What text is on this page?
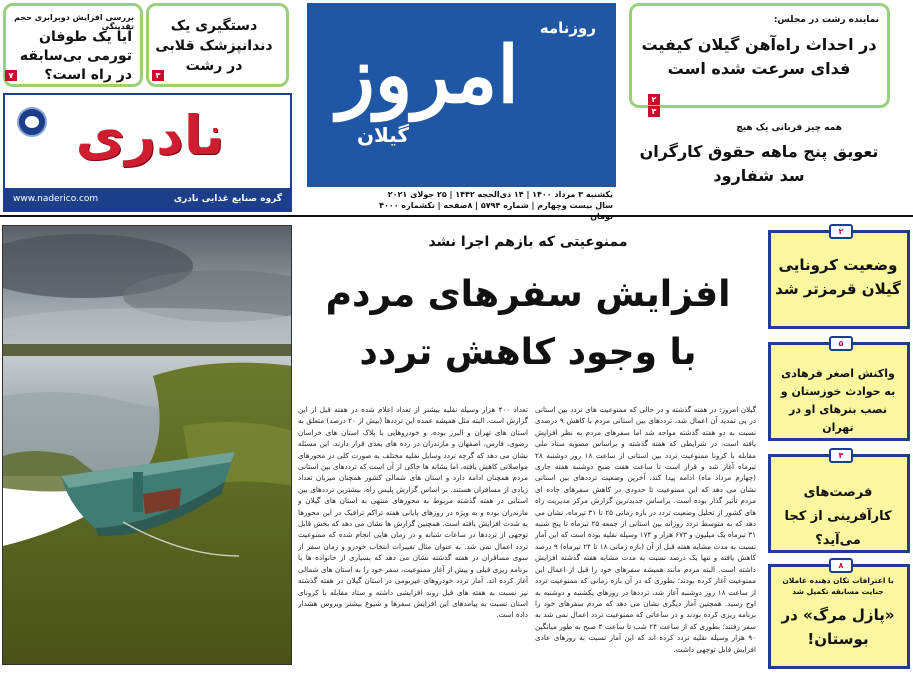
بررسی افزایش دوبرابری حجم تقدینگی
آیا یک طوفان تورمی بی‌سابقه در راه است؟
۷
دستگیری یک دندانپزشک قلابی در رشت
۳
نادری
گروه صنایع غذایی نادری
www.naderico.com
روزنامه
امروز
گیلان
یکشنبه ۳ مرداد ۱۴۰۰ | ۱۴ ذی‌الحجه ۱۴۴۲ | ۲۵ جولای ۲۰۲۱
سال بیست وچهارم | شماره ۵۷۹۴ | ۸صفحه | تکشماره ۴۰۰۰
نماینده رشت در مجلس:
در احداث راه‌آهن گیلان کیفیت فدای سرعت شده است
۲
۳
همه چیز قربانی یک هیچ
تعویق پنج ماهه حقوق کارگران سد شفارود
ممنوعیتی که بازهم اجرا نشد
افزایش سفرهای مردم
با وجود کاهش تردد
گیلان امروز: در هفته گذشته و در حالی که ممنوعیت های تردد بین استانی در پی تمدید آن اعمال شد، ترددهای بین استانی مردم با کاهش ۹ درصدی نسبت به دو هفته گذشته مواجه شد اما سفرهای مردم به نظر افزایش یافته است. در شرایطی که هفته گذشته و براساس مصوبه ستاد ملی مقابله با کرونا ممنوعیت تردد بین استانی از ساعت ۱۸ روز دوشنبه ۲۸ تیرماه آغاز شد و قرار است تا ساعت هفت صبح دوشنبه هفته جاری (چهارم مرداد ماه) ادامه پیدا کند، آخرین وضعیت ترددهای بین استانی نشان می دهد که این ممنوعیت تا حدودی در کاهش سفرهای جاده ای مردم تأثیر گذار بوده است. براساس جدیدترین گزارش مرکز مدیریت راه های کشور از تحلیل وضعیت تردد در بازه زمانی ۲۵ تا ۳۱ تیرماه، نشان می دهد که به متوسط تردد روزانه بین استانی از جمعه ۲۵ تیرماه تا پنج شنبه ۳۱ تیرماه یک میلیون و ۶۷۳ هزار و ۱۷۴ وسیله نقلیه بوده است که این آمار نسبت به مدت مشابه هفته قبل از آن (بازه زمانی ۱۸ تا ۲۴ تیرماه) ۹ درصد کاهش یافته و تنها یک درصد نسبت به مدت مشابه هفته گذشته افزایش داشته است. البته مردم مانند همیشه سفرهای خود را قبل از اعمال این ممنوعیت آغاز کرده بودند؛ بطوری که در آن بازه زمانی که ممنوعیت تردد از ساعت ۱۸ روز دوشنبه آغاز شد، ترددها در روزهای یکشنبه و دوشنبه به اوج رسید. همچنین آمار دیگری نشان می دهد که مردم سفرهای خود را برنامه ریزی کرده بودند و در ساعاتی که ممنوعیت تردد اعمال نمی شد به سفر رفتند؛ بطوری که از ساعت ۲۴ شب تا ساعت ۴ صبح به طور میانگین ۹۰ هزار وسیله نقلیه تردد کرده اند که این آمار نسبت به روزهای عادی افزایش قابل توجهی داشت.
تعداد ۴۰۰ هزار وسیله نقلیه بیشتر از تعداد اعلام شده در هفته قبل از این گزارش است. البته مثل همیشه عمده این ترددها (بیش از ۲۰ درصد) متعلق به استان های تهران و البرز بوده، و خودروهایی با پلاک استان های خراسان رضوی، فارس، اصفهان و مازندران در رده های بعدی قرار دارند. این مسئله نشان می دهد که گرچه تردد وسایل نقلیه مختلف به صورت کلی در محورهای مواصلاتی کاهش یافته، اما نشانه ها حاکی از آن است که ترددهای بین استانی مردم همچنان ادامه دارد و استان های شمالی کشور همچنان میزبان تعداد زیادی از مسافران هستند. بر اساس گزارش پلیس راه، بیشترین ترددهای بین استانی در هفته گذشته مربوط به محورهای منتهی به استان های گیلان و مازندران بوده و به ویژه در روزهای پایانی هفته تراکم ترافیک در این محورها به شدت افزایش یافته است. همچنین گزارش ها نشان می دهد که بخش قابل توجهی از ترددها در ساعات شبانه و در زمان هایی انجام شده که ممنوعیت تردد اعمال نمی شد. به عنوان مثال تغییرات انتخاب خودرو و زمان سفر از سوی مسافران در هفته گذشته نشان می دهد که بسیاری از خانواده ها با برنامه ریزی قبلی و پیش از آغاز ممنوعیت، سفر خود را به استان های شمالی آغاز کرده اند. آمار تردد خودروهای غیربومی در استان گیلان در هفته گذشته نیز نسبت به هفته های قبل روند افزایشی داشته و ستاد مقابله با کرونای استان نسبت به پیامدهای این افزایش سفرها و شیوع بیشتر ویروس هشدار داده است.
۲
وضعیت کرونایی گیلان قرمزتر شد
۵
واکنش اصغر فرهادی به حوادث خوزستان و نصب بنرهای او در تهران
۴
فرصت‌های کارآفرینی از کجا می‌آید؟
۸
با اعترافات تکان دهنده عاملان جنایت مسابقه تکمیل شد
«پازل مرگ» در بوستان!
